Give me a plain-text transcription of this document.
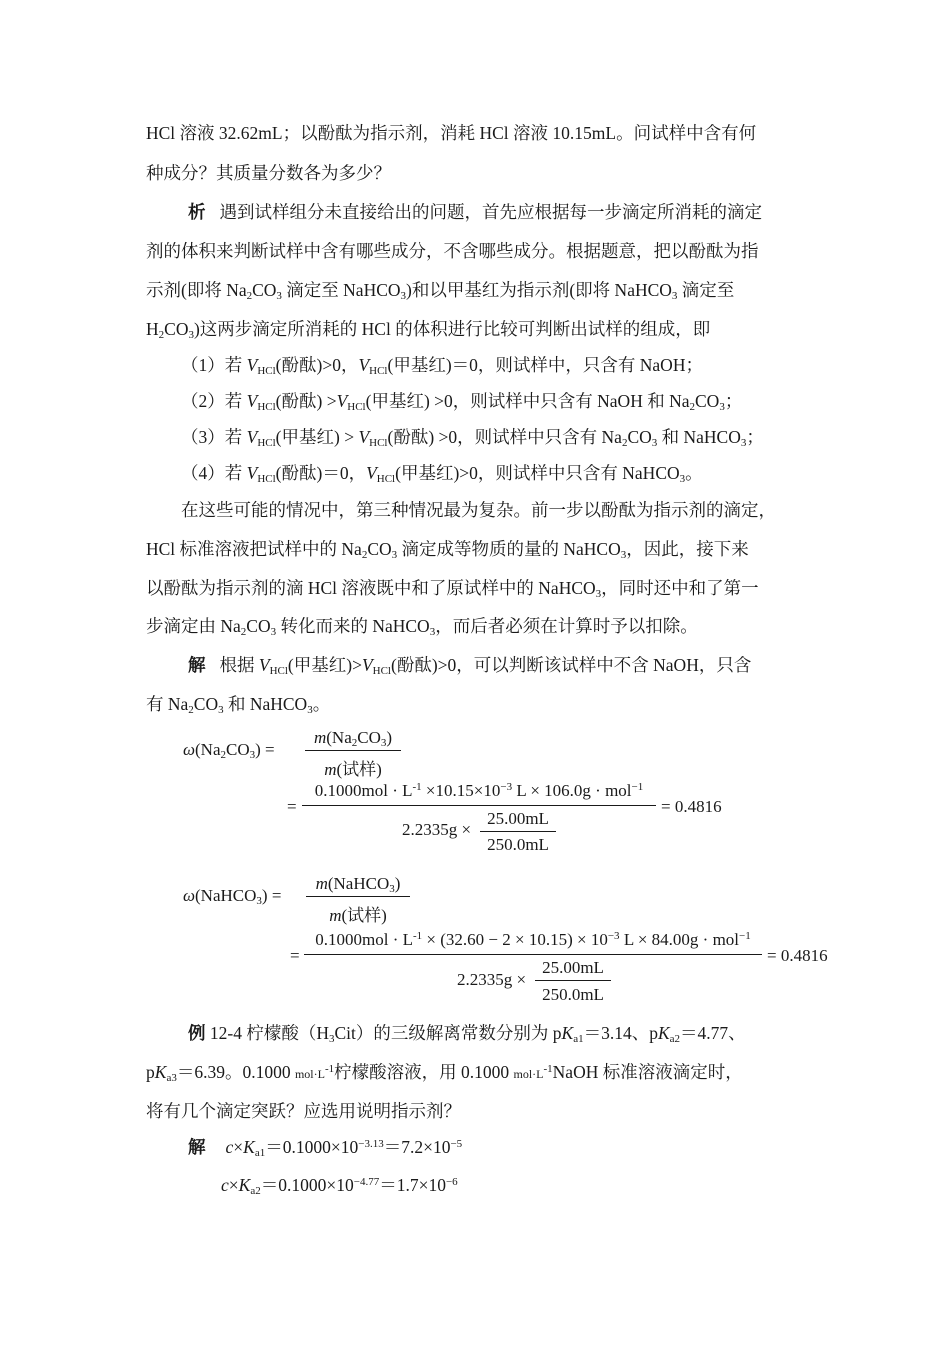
HCl 溶液 32.62mL；以酚酞为指示剂，消耗 HCl 溶液 10.15mL。问试样中含有何
种成分？其质量分数各为多少？
析 遇到试样组分未直接给出的问题，首先应根据每一步滴定所消耗的滴定
剂的体积来判断试样中含有哪些成分，不含哪些成分。根据题意，把以酚酞为指
示剂(即将 $Na_2CO_3$ 滴定至 NaHCO$_3$)和以甲基红为指示剂(即将 NaHCO$_3$ 滴定至
$H_2CO_3$)这两步滴定所消耗的 HCl 的体积进行比较可判断出试样的组成，即
（1）若 $V_{HCl}$(酚酞)>0，$V_{HCl}$(甲基红)＝0，则试样中，只含有 NaOH；
（2）若 $V_{HCl}$(酚酞) $>V_{HCl}$(甲基红) >0，则试样中只含有 NaOH 和 $Na_2CO_3$；
（3）若 $V_{HCl}$(甲基红) > $V_{HCl}$(酚酞) >0，则试样中只含有 $Na_2CO_3$ 和 NaHCO$_3$；
（4）若 $V_{HCl}$(酚酞)＝0，$V_{HCl}$(甲基红)>0，则试样中只含有 NaHCO$_3$。
在这些可能的情况中，第三种情况最为复杂。前一步以酚酞为指示剂的滴定，
HCl 标准溶液把试样中的 $Na_2CO_3$ 滴定成等物质的量的 NaHCO$_3$，因此，接下来
以酚酞为指示剂的滴 HCl 溶液既中和了原试样中的 NaHCO$_3$，同时还中和了第一
步滴定由 $Na_2CO_3$ 转化而来的 NaHCO$_3$，而后者必须在计算时予以扣除。
解 根据 $V_{HCl}$(甲基红)$>V_{HCl}$(酚酞)>0，可以判断该试样中不含 NaOH，只含
有 $Na_2CO_3$ 和 NaHCO$_3$。
$\omega(Na_2CO_3)$ =
$m(Na_2CO_3)$
m(试样)
=
$0.1000mol \cdot L^{-1} \times 10.15\times 10^{-3}$ L × 106.0g · mol$^{-1}$
2.2335g ×
25.00mL
250.0mL
= 0.4816
ω(NaHCO$_3$) =
m(NaHCO$_3$)
m(试样)
=
$0.1000mol \cdot L^{-1} \times (32.60 - 2 \times 10.15) \times 10^{-3}$ L × 84.00g · mol$^{-1}$
2.2335g ×
25.00mL
250.0mL
= 0.4816
例 12-4 柠檬酸$(H_3Cit)$的三级解离常数分别为 $pK_{a1}=3.14$、$pK_{a2}=4.77$、
$pK_{a3}=6.39$。0.1000 $mol\cdot L^{-1}$柠檬酸溶液，用 0.1000 $mol\cdot L^{-1}NaOH$ 标准溶液滴定时，
将有几个滴定突跃？应选用说明指示剂？
解 $c\times K_{a1}=0.1000\times 10^{-3.13}=7.2\times 10^{-5}$
$c\times K_{a2}=0.1000\times 10^{-4.77}=1.7\times 10^{-6}$
